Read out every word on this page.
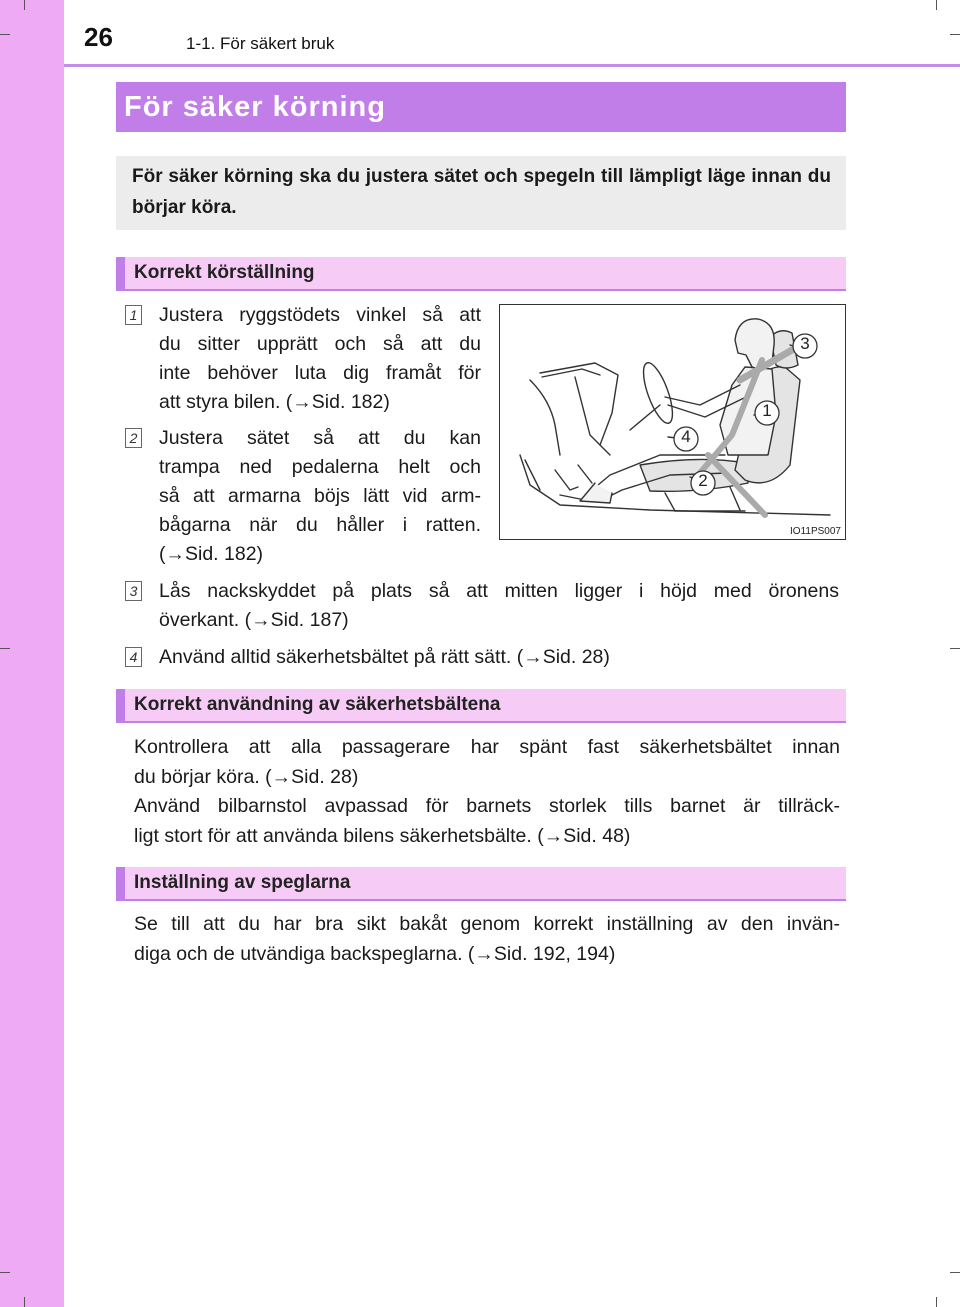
26	1-1. För säkert bruk
För säker körning
För säker körning ska du justera sätet och spegeln till lämpligt läge innan du börjar köra.
Korrekt körställning
1 Justera ryggstödets vinkel så att
du sitter upprätt och så att du
inte behöver luta dig framåt för
att styra bilen. (→Sid. 182)
2 Justera sätet så att du kan
trampa ned pedalerna helt och
så att armarna böjs lätt vid arm-
bågarna när du håller i ratten.
(→Sid. 182)
3 Lås nackskyddet på plats så att mitten ligger i höjd med öronens
överkant. (→Sid. 187)
4 Använd alltid säkerhetsbältet på rätt sätt. (→Sid. 28)
3
1
4
2
IO11PS007
Korrekt användning av säkerhetsbältena
Kontrollera att alla passagerare har spänt fast säkerhetsbältet innan
du börjar köra. (→Sid. 28)
Använd bilbarnstol avpassad för barnets storlek tills barnet är tillräck-
ligt stort för att använda bilens säkerhetsbälte. (→Sid. 48)
Inställning av speglarna
Se till att du har bra sikt bakåt genom korrekt inställning av den invän-
diga och de utvändiga backspeglarna. (→Sid. 192, 194)
